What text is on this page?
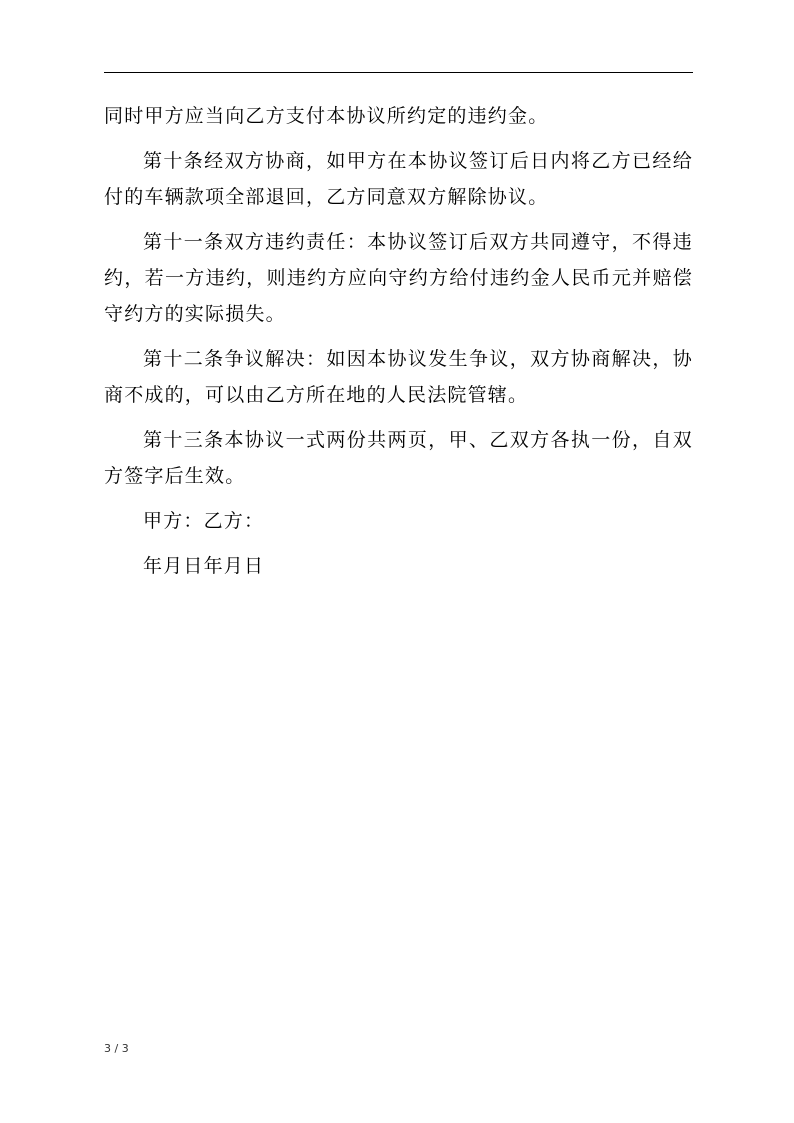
同时甲方应当向乙方支付本协议所约定的违约金。

第十条经双方协商，如甲方在本协议签订后日内将乙方已经给付的车辆款项全部退回，乙方同意双方解除协议。

第十一条双方违约责任：本协议签订后双方共同遵守，不得违约，若一方违约，则违约方应向守约方给付违约金人民币元并赔偿守约方的实际损失。

第十二条争议解决：如因本协议发生争议，双方协商解决，协商不成的，可以由乙方所在地的人民法院管辖。

第十三条本协议一式两份共两页，甲、乙双方各执一份，自双方签字后生效。

甲方：乙方：

年月日年月日

3 / 3
